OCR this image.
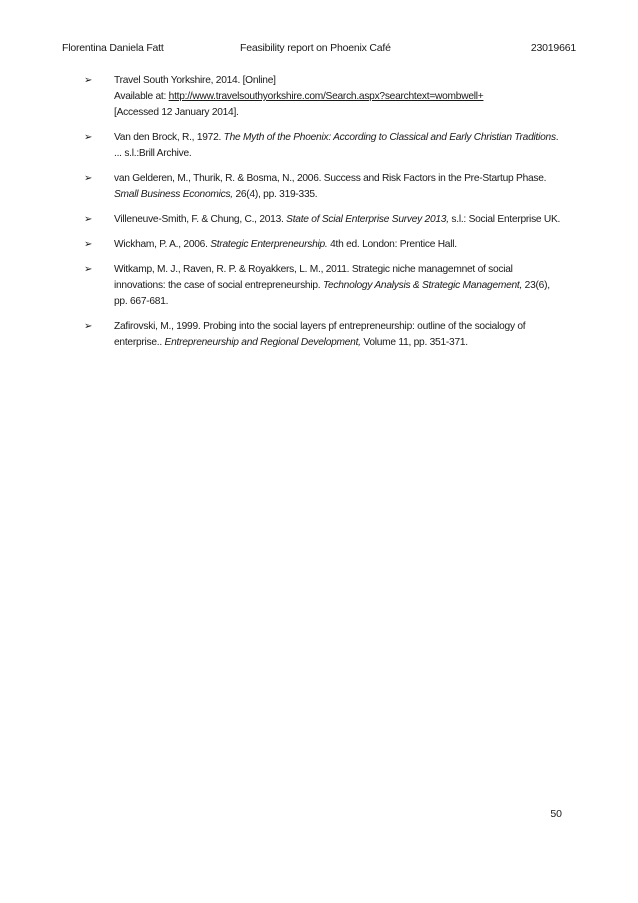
Florentina Daniela Fatt	Feasibility report on Phoenix Café	23019661
➢ Travel South Yorkshire, 2014. [Online]
Available at: http://www.travelsouthyorkshire.com/Search.aspx?searchtext=wombwell+
[Accessed 12 January 2014].
➢ Van den Brock, R., 1972. The Myth of the Phoenix: According to Classical and Early Christian Traditions. ... s.l.:Brill Archive.
➢ van Gelderen, M., Thurik, R. & Bosma, N., 2006. Success and Risk Factors in the Pre-Startup Phase. Small Business Economics, 26(4), pp. 319-335.
➢ Villeneuve-Smith, F. & Chung, C., 2013. State of Scial Enterprise Survey 2013, s.l.: Social Enterprise UK.
➢ Wickham, P. A., 2006. Strategic Enterpreneurship. 4th ed. London: Prentice Hall.
➢ Witkamp, M. J., Raven, R. P. & Royakkers, L. M., 2011. Strategic niche managemnet of social innovations: the case of social entrepreneurship. Technology Analysis & Strategic Management, 23(6), pp. 667-681.
➢ Zafirovski, M., 1999. Probing into the social layers pf entrepreneurship: outline of the socialogy of enterprise.. Entrepreneurship and Regional Development, Volume 11, pp. 351-371.
50
